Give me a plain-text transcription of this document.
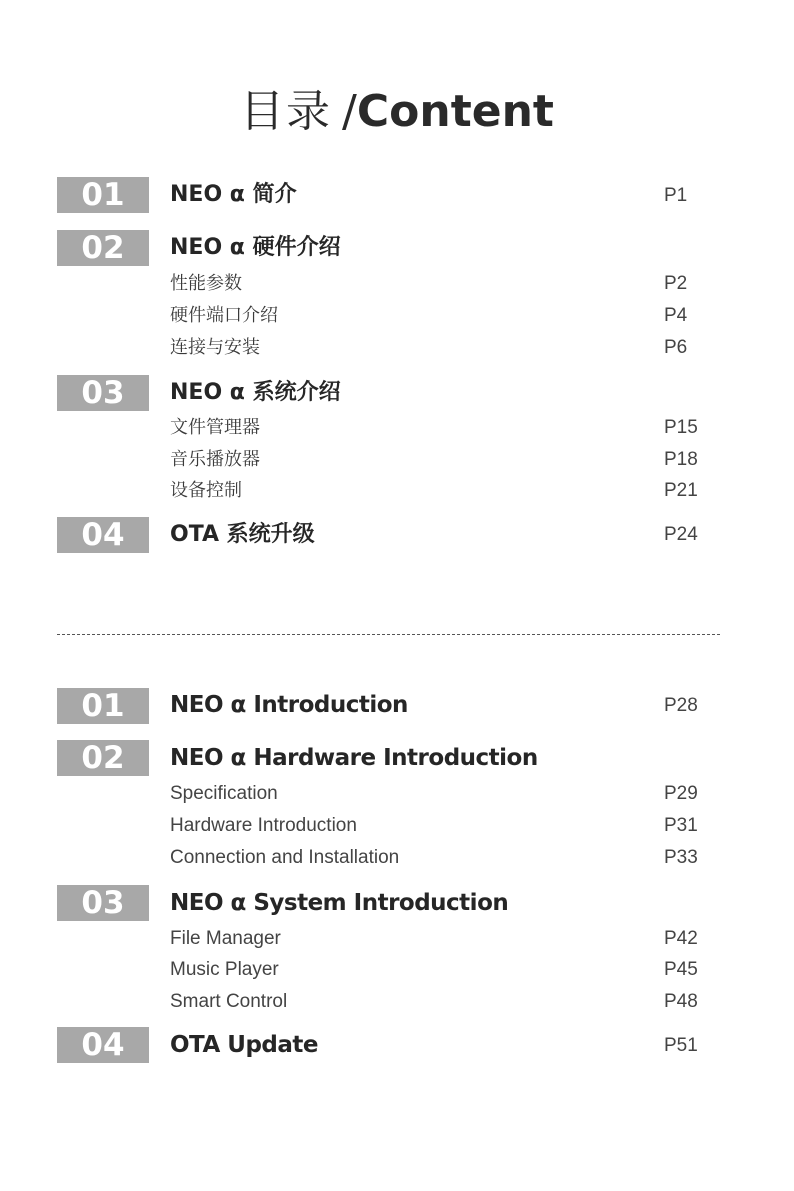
目录 /Content
01	NEO α 简介	P1
02	NEO α 硬件介绍
性能参数	P2
硬件端口介绍	P4
连接与安装	P6
03	NEO α 系统介绍
文件管理器	P15
音乐播放器	P18
设备控制	P21
04	OTA 系统升级	P24
01	NEO α Introduction	P28
02	NEO α Hardware Introduction
Specification	P29
Hardware Introduction	P31
Connection and Installation	P33
03	NEO α System Introduction
File Manager	P42
Music Player	P45
Smart Control	P48
04	OTA Update	P51
